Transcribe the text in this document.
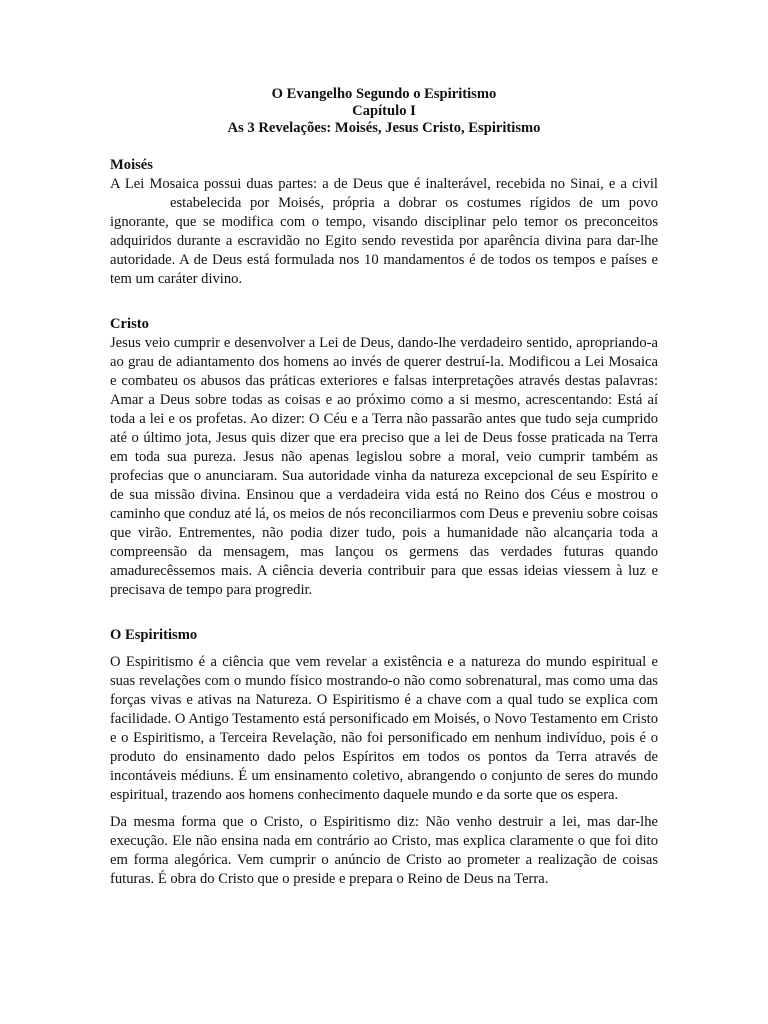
O Evangelho Segundo o Espiritismo
Capítulo I
As 3 Revelações: Moisés, Jesus Cristo, Espiritismo
Moisés

A Lei Mosaica possui duas partes: a de Deus que é inalterável, recebida no Sinai, e a civilestabelecida por Moisés, própria a dobrar os costumes rígidos de um povo ignorante, que se modifica com o tempo, visando disciplinar pelo temor os preconceitos adquiridos durante a escravidão no Egito sendo revestida por aparência divina para dar-lhe autoridade. A de Deus está formulada nos 10 mandamentos é de todos os tempos e países e tem um caráter divino.

Cristo

Jesus veio cumprir e desenvolver a Lei de Deus, dando-lhe verdadeiro sentido, apropriando-a ao grau de adiantamento dos homens ao invés de querer destruí-la. Modificou a Lei Mosaica e combateu os abusos das práticas exteriores e falsas interpretações através destas palavras: Amar a Deus sobre todas as coisas e ao próximo como a si mesmo, acrescentando: Está aí toda a lei e os profetas. Ao dizer: O Céu e a Terra não passarão antes que tudo seja cumprido até o último jota, Jesus quis dizer que era preciso que a lei de Deus fosse praticada na Terra em toda sua pureza. Jesus não apenas legislou sobre a moral, veio cumprir também as profecias que o anunciaram. Sua autoridade vinha da natureza excepcional de seu Espírito e de sua missão divina. Ensinou que a verdadeira vida está no Reino dos Céus e mostrou o caminho que conduz até lá, os meios de nós reconciliarmos com Deus e preveniu sobre coisas que virão. Entrementes, não podia dizer tudo, pois a humanidade não alcançaria toda a compreensão da mensagem, mas lançou os germens das verdades futuras quando amadurecêssemos mais. A ciência deveria contribuir para que essas ideias viessem à luz e precisava de tempo para progredir.

O Espiritismo

O Espiritismo é a ciência que vem revelar a existência e a natureza do mundo espiritual e suas revelações com o mundo físico mostrando-o não como sobrenatural, mas como uma das forças vivas e ativas na Natureza. O Espiritismo é a chave com a qual tudo se explica com facilidade. O Antigo Testamento está personificado em Moisés, o Novo Testamento em Cristo e o Espiritismo, a Terceira Revelação, não foi personificado em nenhum indivíduo, pois é o produto do ensinamento dado pelos Espíritos em todos os pontos da Terra através de incontáveis médiuns. É um ensinamento coletivo, abrangendo o conjunto de seres do mundo espiritual, trazendo aos homens conhecimento daquele mundo e da sorte que os espera.

Da mesma forma que o Cristo, o Espiritismo diz: Não venho destruir a lei, mas dar-lhe execução. Ele não ensina nada em contrário ao Cristo, mas explica claramente o que foi dito em forma alegórica. Vem cumprir o anúncio de Cristo ao prometer a realização de coisas futuras. É obra do Cristo que o preside e prepara o Reino de Deus na Terra.
